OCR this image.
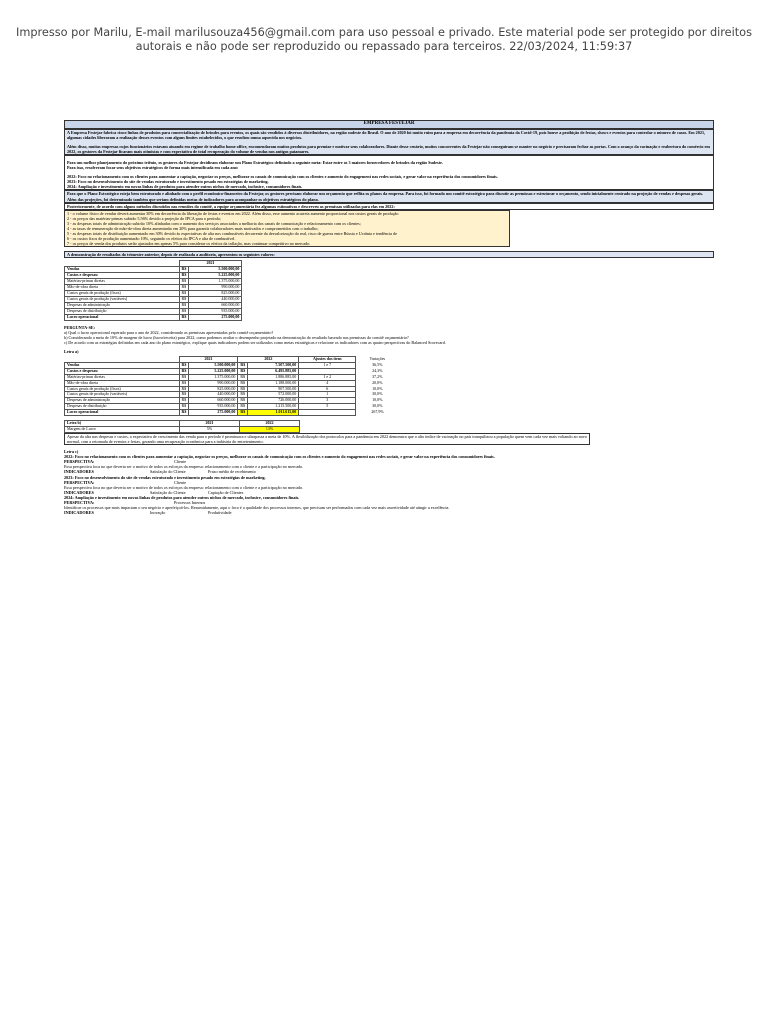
Impresso por Marilu, E-mail marilusouza456@gmail.com para uso pessoal e privado. Este material pode ser protegido por direitos autorais e não pode ser reproduzido ou repassado para terceiros. 22/03/2024, 11:59:37
EMPRESA FESTEJAR

A Empresa Festejar fabrica cinco linhas de produtos para comercialização de brindes para eventos, os quais são vendidos à diversos distribuidores, na região sudeste do Brasil. O ano de 2020 foi muito ruim para a empresa em decorrência da pandemia da Covid-19, pois houve a proibição de festas, shows e eventos para controlar o número de casos. Em 2021, algumas cidades liberaram a realização desses eventos com alguns limites estabelecidos, o que resultou numa aquecida nos negócios.

Além disso, muitas empresas cujos funcionários estavam atuando em regime de trabalho home office, encomendaram muitos produtos para premiar e motivar seus colaboradores. Diante desse cenário, muitos concorrentes da Festejar não conseguiram se manter no negócio e precisaram fechar as portas. Com o avanço da vacinação e reabertura do comércio em 2022, os gestores da Festejar ficaram mais otimistas e com expectativa de total recuperação do volume de vendas nos antigos patamares.

Para um melhor planejamento do próximo triênio, os gestores da Festejar decidiram elaborar um Plano Estratégico definindo a seguinte meta: Estar entre os 3 maiores fornecedores de brindes da região Sudeste.

Para isso, resolveram focar seus objetivos estratégicos de forma mais intensificada em cada ano:

2022: Foco no relacionamento com os clientes para aumentar a captação, negociar os preços, melhorar os canais de comunicação com os clientes e aumento do engagement nas redes sociais, e gerar valor na experiência dos consumidores finais.

2023: Foco no desenvolvimento do site de vendas estruturado e investimento pesado em estratégias de marketing.

2024: Ampliação e investimento em novas linhas de produtos para atender outros nichos de mercado, inclusive, consumidores finais.

Para que o Plano Estratégico esteja bem estruturado e alinhado com o perfil econômico-financeiro da Festejar, os gestores precisam elaborar um orçamento que reflita os planos da empresa. Para isso, foi formado um comitê estratégico para discutir as premissas e estruturar o orçamento, sendo inicialmente centrado na projeção de vendas e despesas gerais. Além das projeções, foi determinado também que seriam definidas metas de indicadores para acompanhar os objetivos estratégicos do plano.
Posteriormente, de acordo com alguns métodos discutidos nas reuniões do comitê, a equipe orçamentária fez algumas estimativas e descreveu as premissas utilizadas para elas em 2022:

1 - o volume físico de vendas deverá aumentar 30% em decorrência da liberação de festas e eventos em 2022. Além disso, esse aumento acarreta aumento proporcional nos custos gerais de produção

2 - os preços das matérias-primas subirão 5,56% devido a projeção do IPCA para o período;

3 - as despesas totais de administração subirão 10% alinhadas com o aumento dos serviços associados a melhoria dos canais de comunicação e relacionamento com os clientes;

4 - as taxas de remuneração de mão-de-obra direta aumentarão em 20% para garantir colaboradores mais motivados e comprometidos com o trabalho;

5 - as despesas totais de distribuição aumentarão em 30% devido às expectativas de alta nos combustíveis decorrente da desvalorização do real, risco de guerra entre Rússia e Ucrânia e tendência de

6 - os custos fixos de produção aumentarão 10%, seguindo os efeitos do IPCA e alta de combustível.

7 - os preços de venda dos produtos serão ajustados em apenas 5% para considerar os efeitos da inflação, mas continuar competitivo no mercado.

A demonstração de resultados do trimestre anterior, depois de realizada a auditoria, apresentou os seguintes valores:
	2021	
Vendas	R$	5.500.000,00
Custos e despesas:	R$	5.225.000,00
Matérias-primas diretas	R$	1.375.000,00
Mão-de-obra direta	R$	990.000,00
Custos gerais de produção (fixos)	R$	825.000,00
Custos gerais de produção (variáveis)	R$	440.000,00
Despesas de administração	R$	660.000,00
Despesas de distribuição	R$	935.000,00
Lucro operacional	R$	275.000,00

PERGUNTA-SE:

a) Qual o lucro operacional esperado para o ano de 2022, considerando as premissas apresentadas pelo comitê orçamentário?

b) Considerando a meta de 10% de margem de lucro (lucro/receita) para 2022, como podemos avaliar o desempenho projetado na demonstração do resultado baseado nas premissas do comitê orçamentário?

c) De acordo com as estratégias definidas em cada ano do plano estratégico, explique quais indicadores podem ser utilizados como metas estratégicas e relacione os indicadores com as quatro perspectivas do Balanced Scorecard.

Letra a)

	2021		2022		Ajustes dos itens	Variações
Vendas	R$	5.500.000,00	R$	7.507.500,00	1 e 7	36,5%
Custos e despesas:	R$	5.225.000,00	R$	6.495.885,00		24,3%
Matérias-primas diretas	R$	1.375.000,00	R$	1.886.885,00	1 e 2	37,2%
Mão-de-obra direta	R$	990.000,00	R$	1.188.000,00	4	20,0%
Custos gerais de produção (fixos)	R$	825.000,00	R$	907.500,00	6	10,0%
Custos gerais de produção (variáveis)	R$	440.000,00	R$	572.000,00	1	30,0%
Despesas de administração	R$	660.000,00	R$	726.000,00	3	10,0%
Despesas de distribuição	R$	935.000,00	R$	1.215.500,00	5	30,0%
Lucro operacional	R$	275.000,00	R$	1.011.615,00		267,9%
Letra b)	2021	2022
Margem de Lucro	5%	13%
Apesar da alta nas despesas e custos, a expectativa de crescimento das venda para o período é promissora e ultrapassa a meta de 10%. A flexibilização dos protocolos para a pandemia em 2022 demonstra que o alto índice de vacinação no país tranquilizou a população quem vem cada vez mais voltando ao novo normal, com a retomada de eventos e festas, gerando uma recuperação econômica para a indústria do entretenimento.

Letra c)

2022: Foco no relacionamento com os clientes para aumentar a captação, negociar os preços, melhorar os canais de comunicação com os clientes e aumento do engagement nas redes sociais, e gerar valor na experiência dos consumidores finais.

PERSPECTIVA:	Cliente

Essa perspectiva foca no que deveria ser o motivo de todos os esforços da empresa: relacionamento com o cliente e a participação no mercado.

INDICADORES	Satisfação do Cliente	Prazo médio de recebimento

2023: Foco no desenvolvimento do site de vendas estruturado e investimento pesado em estratégias de marketing.

PERSPECTIVA:	Cliente

Essa perspectiva foca no que deveria ser o motivo de todos os esforços da empresa: relacionamento com o cliente e a participação no mercado.

INDICADORES	Satisfação do Cliente	Captação de Clientes

2024: Ampliação e investimento em novas linhas de produtos para atender outros nichos de mercado, inclusive, consumidores finais.

PERSPECTIVA:	Processos Internos

Identificar os processos que mais impactam o seu negócio e aperfeiçoá-los. Resumidamente, aqui o foco é a qualidade dos processos internos, que precisam ser performados com cada vez mais assertividade até atingir a excelência.

INDICADORES	Inovação	Produtividade
